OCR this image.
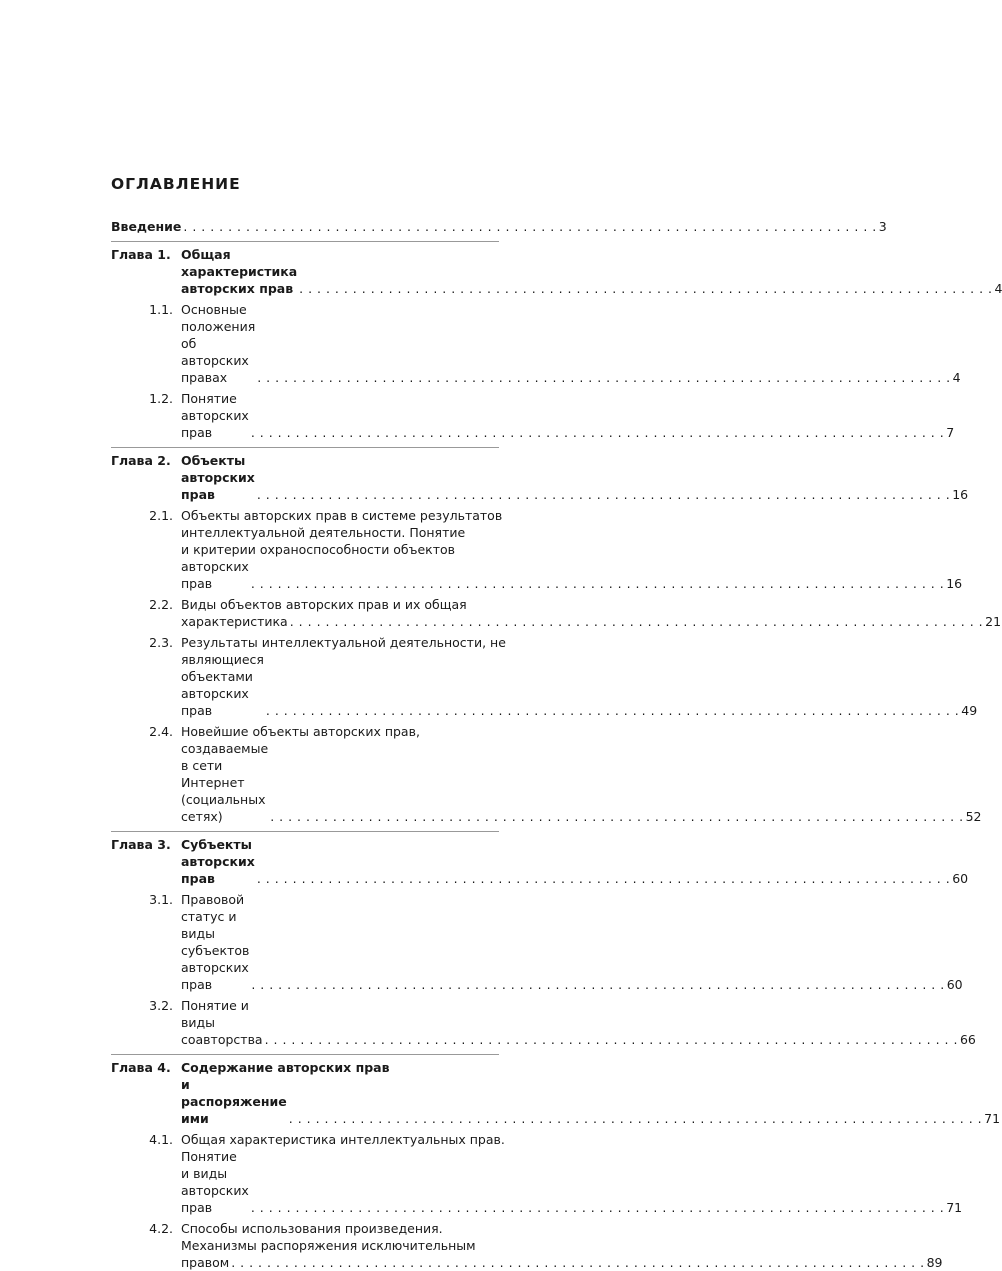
ОГЛАВЛЕНИЕ
Введение . . .	3
Глава 1. Общая характеристика авторских прав . . .	4
1.1. Основные положения об авторских правах . . .	4
1.2. Понятие авторских прав . . .	7
Глава 2. Объекты авторских прав . . .	16
2.1. Объекты авторских прав в системе результатов
интеллектуальной деятельности. Понятие
и критерии охраноспособности объектов
авторских прав . . .	16
2.2. Виды объектов авторских прав и их общая
характеристика . . .	21
2.3. Результаты интеллектуальной деятельности, не
являющиеся объектами авторских прав . . .	49
2.4. Новейшие объекты авторских прав,
создаваемые в сети Интернет (социальных сетях) . . .	52
Глава 3. Субъекты авторских прав . . .	60
3.1. Правовой статус и виды субъектов авторских прав . . .	60
3.2. Понятие и виды соавторства . . .	66
Глава 4. Содержание авторских прав
и распоряжение ими . . .	71
4.1. Общая характеристика интеллектуальных прав.
Понятие и виды авторских прав . . .	71
4.2. Способы использования произведения.
Механизмы распоряжения исключительным
правом . . .	89
